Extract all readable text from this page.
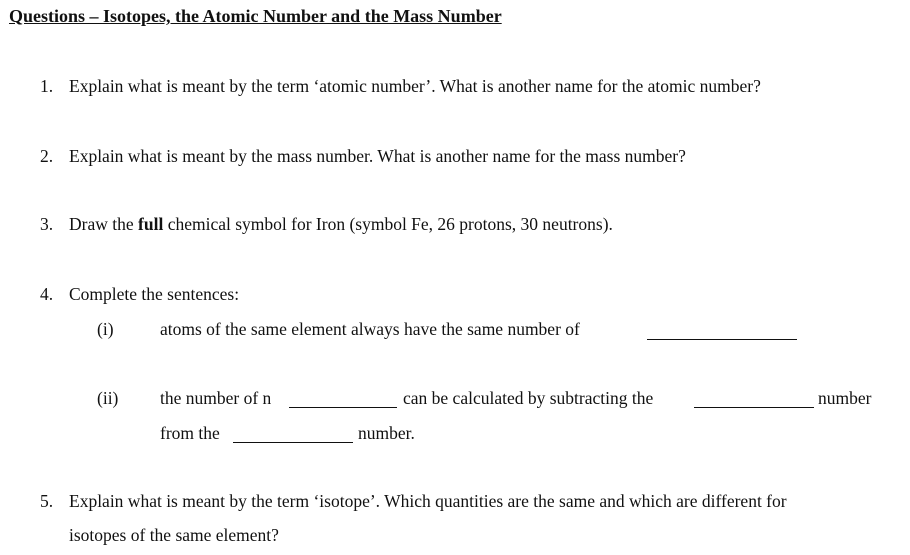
Questions – Isotopes, the Atomic Number and the Mass Number
1. Explain what is meant by the term ‘atomic number’. What is another name for the atomic number?
2. Explain what is meant by the mass number. What is another name for the mass number?
3. Draw the full chemical symbol for Iron (symbol Fe, 26 protons, 30 neutrons).
4. Complete the sentences:
(i)	atoms of the same element always have the same number of
(ii) the number of n	can be calculated by subtracting the	number
from the	number.
5. Explain what is meant by the term ‘isotope’. Which quantities are the same and which are different for
isotopes of the same element?
